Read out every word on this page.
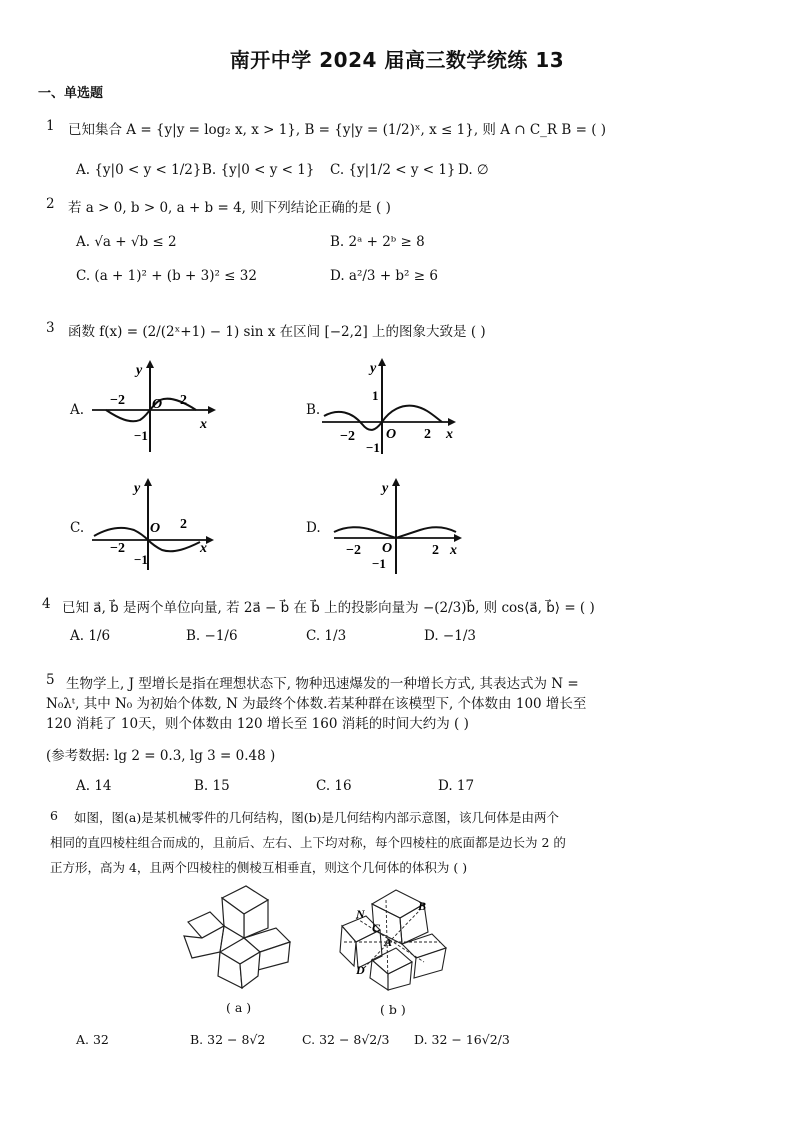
南开中学 2024 届高三数学统练 13
一、单选题
1 已知集合 A = {y|y = log₂ x, x > 1}, B = {y|y = (1/2)ˣ, x ≤ 1}, 则 A ∩ C_R B = ( )
A. {y|0 < y < 1/2} B. {y|0 < y < 1} C. {y|1/2 < y < 1} D. ∅
2 若 a > 0, b > 0, a + b = 4, 则下列结论正确的是 ( )
A. √a + √b ≤ 2	B. 2ᵃ + 2ᵇ ≥ 8
C. (a + 1)² + (b + 3)² ≤ 32	D. a²/3 + b² ≥ 6
3 函数 f(x) = (2/(2ˣ+1) − 1) sin x 在区间 [−2,2] 上的图象大致是 ( )
A.	B.
C.	D.
y
−2 O 2
−1
x
y
1
−2 O 2
−1
x
y
O 2
−2
−1
x
y
−2 O
−1
2 x
4 已知 a⃗, b⃗ 是两个单位向量, 若 2a⃗ − b⃗ 在 b⃗ 上的投影向量为 −(2/3)b⃗, 则 cos⟨a⃗, b⃗⟩ = ( )
A. 1/6	B. −1/6	C. 1/3	D. −1/3
5 生物学上, J 型增长是指在理想状态下, 物种迅速爆发的一种增长方式, 其表达式为 N =
N₀λᵗ, 其中 N₀ 为初始个体数, N 为最终个体数.若某种群在该模型下, 个体数由 100 增长至
120 消耗了 10天，则个体数由 120 增长至 160 消耗的时间大约为 ( )
(参考数据: lg 2 = 0.3, lg 3 = 0.48 )
A. 14	B. 15	C. 16	D. 17
6 如图，图(a)是某机械零件的几何结构，图(b)是几何结构内部示意图，该几何体是由两个
相同的直四棱柱组合而成的，且前后、左右、上下均对称，每个四棱柱的底面都是边长为 2 的
正方形，高为 4，且两个四棱柱的侧棱互相垂直，则这个几何体的体积为 ( )
( a )
N
B
C
A
D
( b )
A. 32	B. 32 − 8√2	C. 32 − 8√2/3 D. 32 − 16√2/3
